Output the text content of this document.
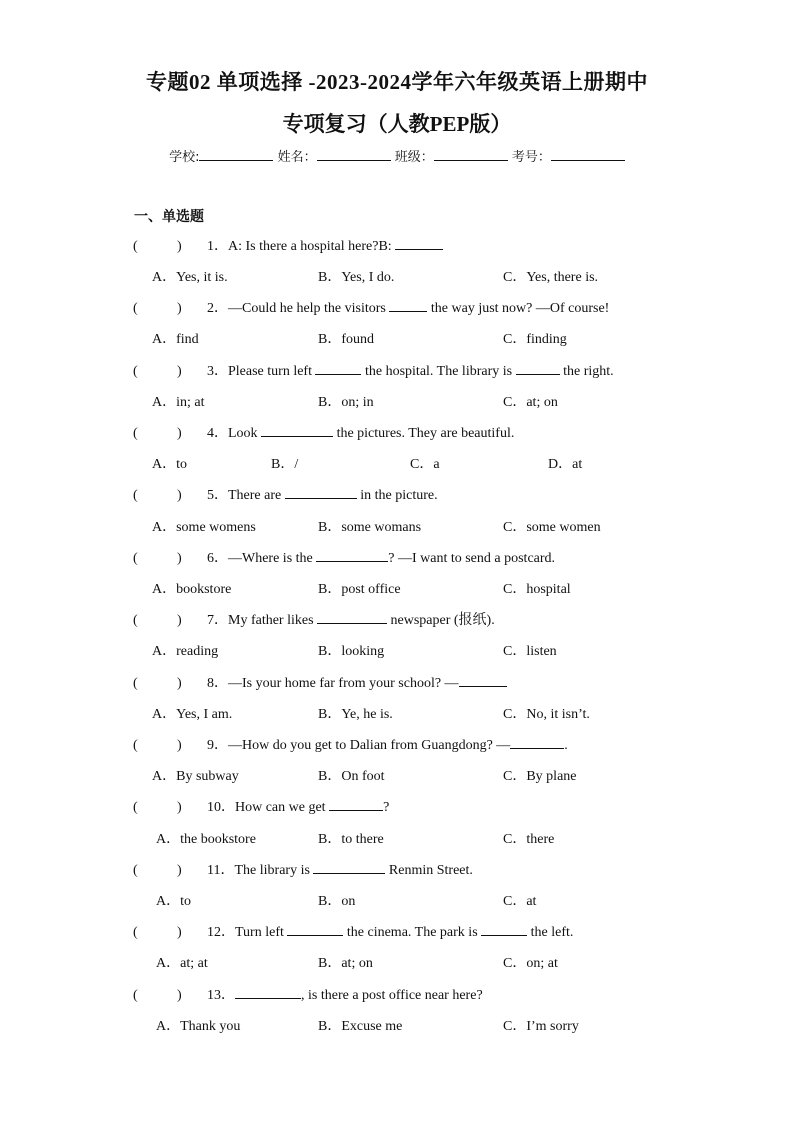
专题02 单项选择 -2023-2024学年六年级英语上册期中
专项复习（人教PEP版）
学校:	姓名：	班级：	考号：
一、单选题
(	) 1．A: Is there a hospital here?B:
A．Yes, it is.	B．Yes, I do.	C．Yes, there is.
(	) 2．—Could he help the visitors	the way just now? —Of course!
A．find	B．found	C．finding
(	) 3．Please turn left	the hospital. The library is	the right.
A．in; at	B．on; in	C．at; on
(	) 4．Look	the pictures. They are beautiful.
A．to	B．/	C．a	D．at
(	) 5．There are	in the picture.
A．some womens	B．some womans	C．some women
(	) 6．—Where is the	? —I want to send a postcard.
A．bookstore	B．post office	C．hospital
(	) 7．My father likes	newspaper (报纸).
A．reading	B．looking	C．listen
(	) 8．—Is your home far from your school? —
A．Yes, I am.	B．Ye, he is.	C．No, it isn’t.
(	) 9．—How do you get to Dalian from Guangdong? —	.
A．By subway	B．On foot	C．By plane
(	) 10．How can we get	?
A．the bookstore	B．to there	C．there
(	) 11．The library is	Renmin Street.
A．to	B．on	C．at
(	) 12．Turn left	the cinema. The park is	the left.
A．at; at	B．at; on	C．on; at
(	) 13．	, is there a post office near here?
A．Thank you	B．Excuse me	C．I’m sorry
